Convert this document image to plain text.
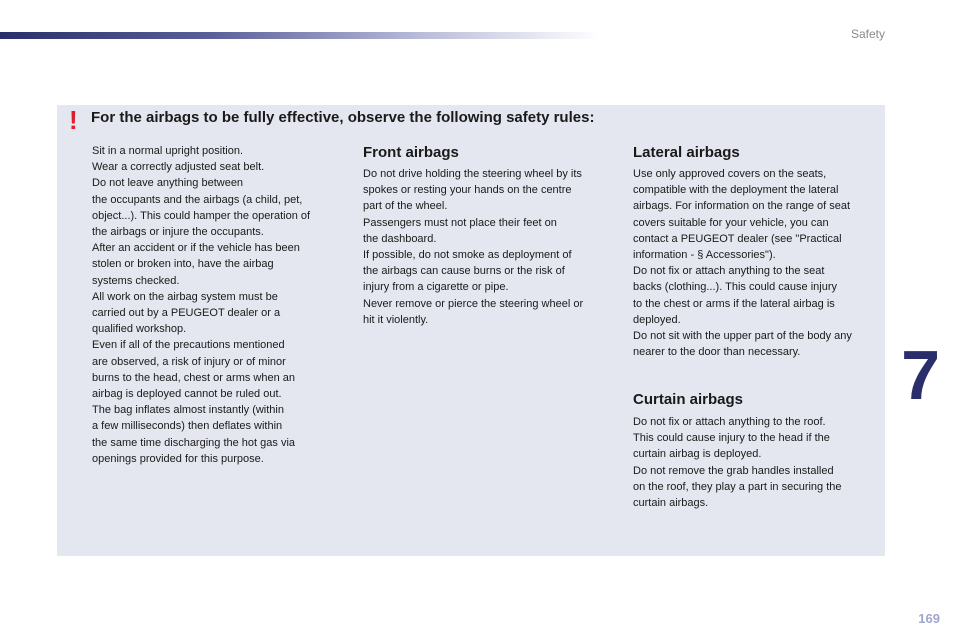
Safety
7
169
! For the airbags to be fully effective, observe the following safety rules:

Sit in a normal upright position.

Wear a correctly adjusted seat belt.

Do not leave anything between

the occupants and the airbags (a child, pet,

object...). This could hamper the operation of

the airbags or injure the occupants.

After an accident or if the vehicle has been

stolen or broken into, have the airbag

systems checked.

All work on the airbag system must be

carried out by a PEUGEOT dealer or a

qualified workshop.

Even if all of the precautions mentioned

are observed, a risk of injury or of minor

burns to the head, chest or arms when an

airbag is deployed cannot be ruled out.

The bag inflates almost instantly (within

a few milliseconds) then deflates within

the same time discharging the hot gas via

openings provided for this purpose.

Front airbags

Do not drive holding the steering wheel by its

spokes or resting your hands on the centre

part of the wheel.

Passengers must not place their feet on

the dashboard.

If possible, do not smoke as deployment of

the airbags can cause burns or the risk of

injury from a cigarette or pipe.

Never remove or pierce the steering wheel or

hit it violently.

Lateral airbags

Use only approved covers on the seats,

compatible with the deployment the lateral

airbags. For information on the range of seat

covers suitable for your vehicle, you can

contact a PEUGEOT dealer (see "Practical

information - § Accessories").

Do not fix or attach anything to the seat

backs (clothing...). This could cause injury

to the chest or arms if the lateral airbag is

deployed.

Do not sit with the upper part of the body any

nearer to the door than necessary.

Curtain airbags

Do not fix or attach anything to the roof.

This could cause injury to the head if the

curtain airbag is deployed.

Do not remove the grab handles installed

on the roof, they play a part in securing the

curtain airbags.
